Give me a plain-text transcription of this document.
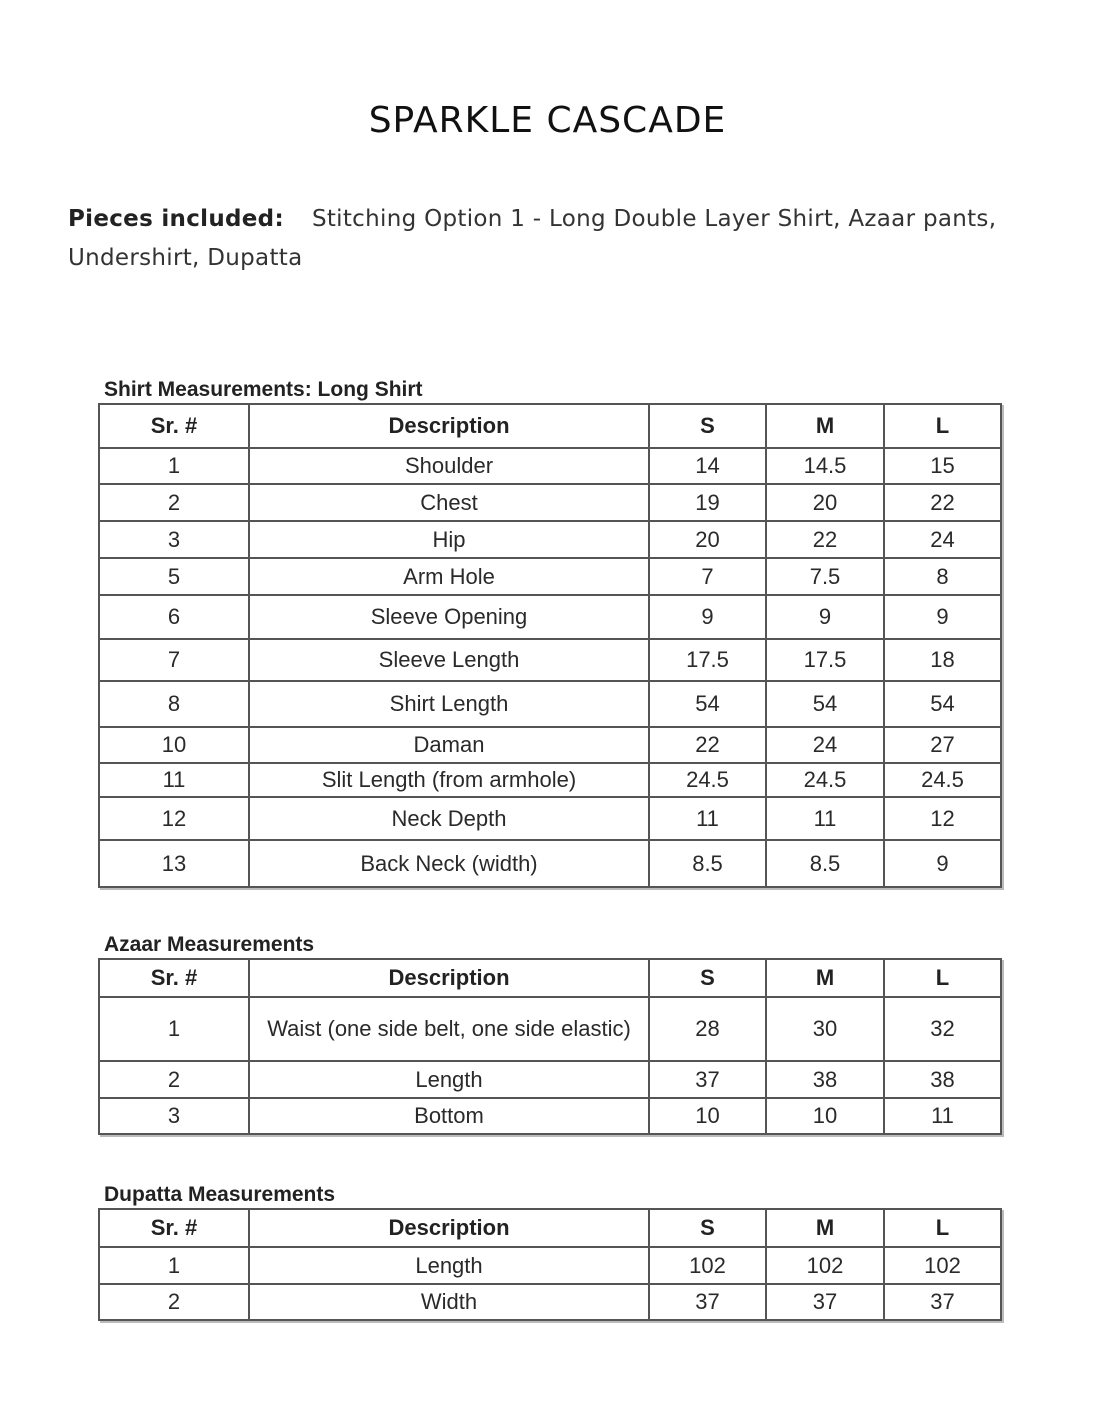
SPARKLE CASCADE
Pieces included: Stitching Option 1 - Long Double Layer Shirt, Azaar pants, Undershirt, Dupatta
Shirt Measurements: Long Shirt
Sr. #	Description	S	M	L
1	Shoulder	14	14.5	15
2	Chest	19	20	22
3	Hip	20	22	24
5	Arm Hole	7	7.5	8
6	Sleeve Opening	9	9	9
7	Sleeve Length	17.5	17.5	18
8	Shirt Length	54	54	54
10	Daman	22	24	27
11	Slit Length (from armhole)	24.5	24.5	24.5
12	Neck Depth	11	11	12
13	Back Neck (width)	8.5	8.5	9
Azaar Measurements
Sr. #	Description	S	M	L
1	Waist (one side belt, one side elastic)	28	30	32
2	Length	37	38	38
3	Bottom	10	10	11
Dupatta Measurements
Sr. #	Description	S	M	L
1	Length	102	102	102
2	Width	37	37	37
